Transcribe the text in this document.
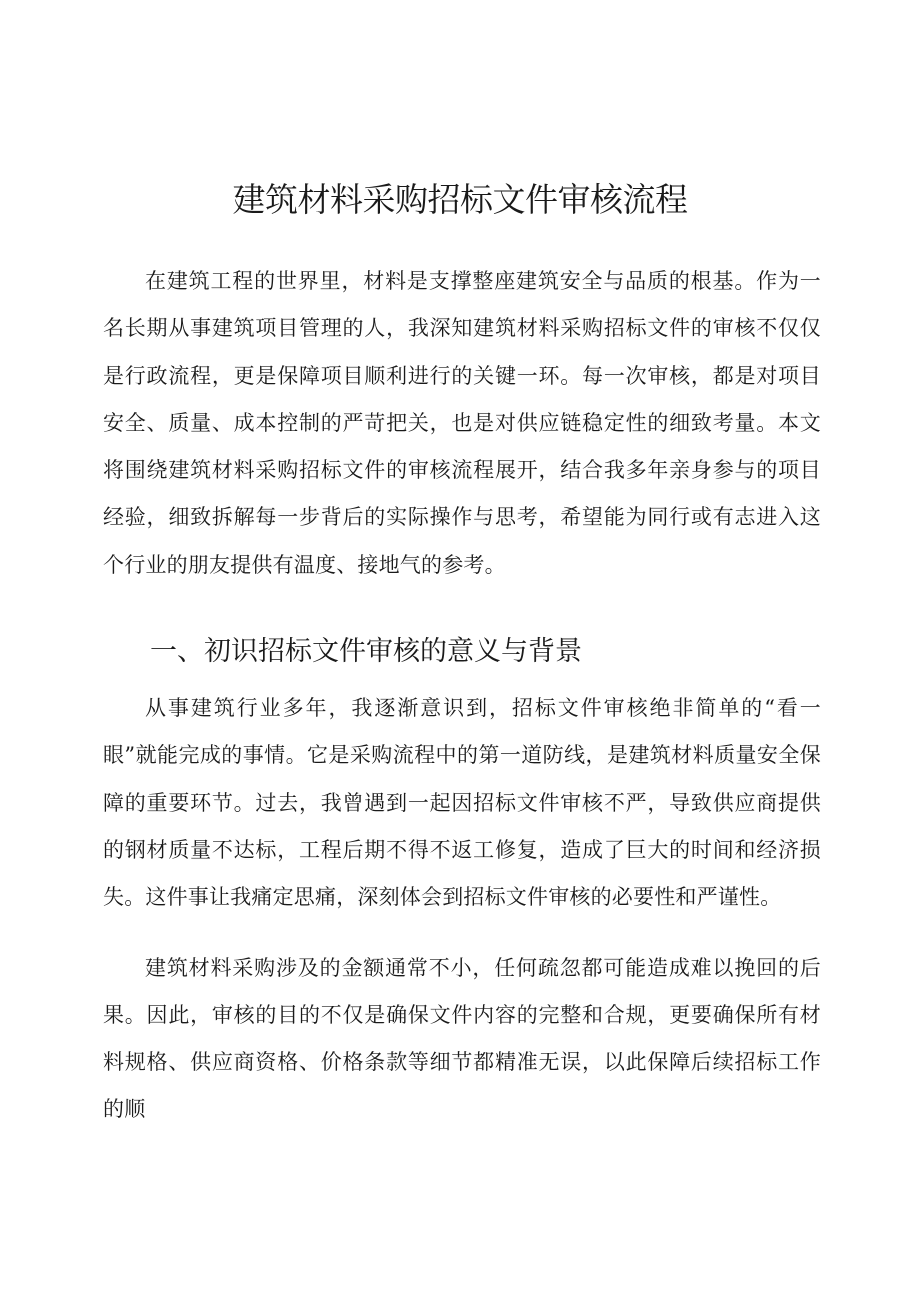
建筑材料采购招标文件审核流程

在建筑工程的世界里，材料是支撑整座建筑安全与品质的根基。作为一名长期从事建筑项目管理的人，我深知建筑材料采购招标文件的审核不仅仅是行政流程，更是保障项目顺利进行的关键一环。每一次审核，都是对项目安全、质量、成本控制的严苛把关，也是对供应链稳定性的细致考量。本文将围绕建筑材料采购招标文件的审核流程展开，结合我多年亲身参与的项目经验，细致拆解每一步背后的实际操作与思考，希望能为同行或有志进入这个行业的朋友提供有温度、接地气的参考。

一、初识招标文件审核的意义与背景

从事建筑行业多年，我逐渐意识到，招标文件审核绝非简单的“看一眼”就能完成的事情。它是采购流程中的第一道防线，是建筑材料质量安全保障的重要环节。过去，我曾遇到一起因招标文件审核不严，导致供应商提供的钢材质量不达标，工程后期不得不返工修复，造成了巨大的时间和经济损失。这件事让我痛定思痛，深刻体会到招标文件审核的必要性和严谨性。

建筑材料采购涉及的金额通常不小，任何疏忽都可能造成难以挽回的后果。因此，审核的目的不仅是确保文件内容的完整和合规，更要确保所有材料规格、供应商资格、价格条款等细节都精准无误，以此保障后续招标工作的顺
